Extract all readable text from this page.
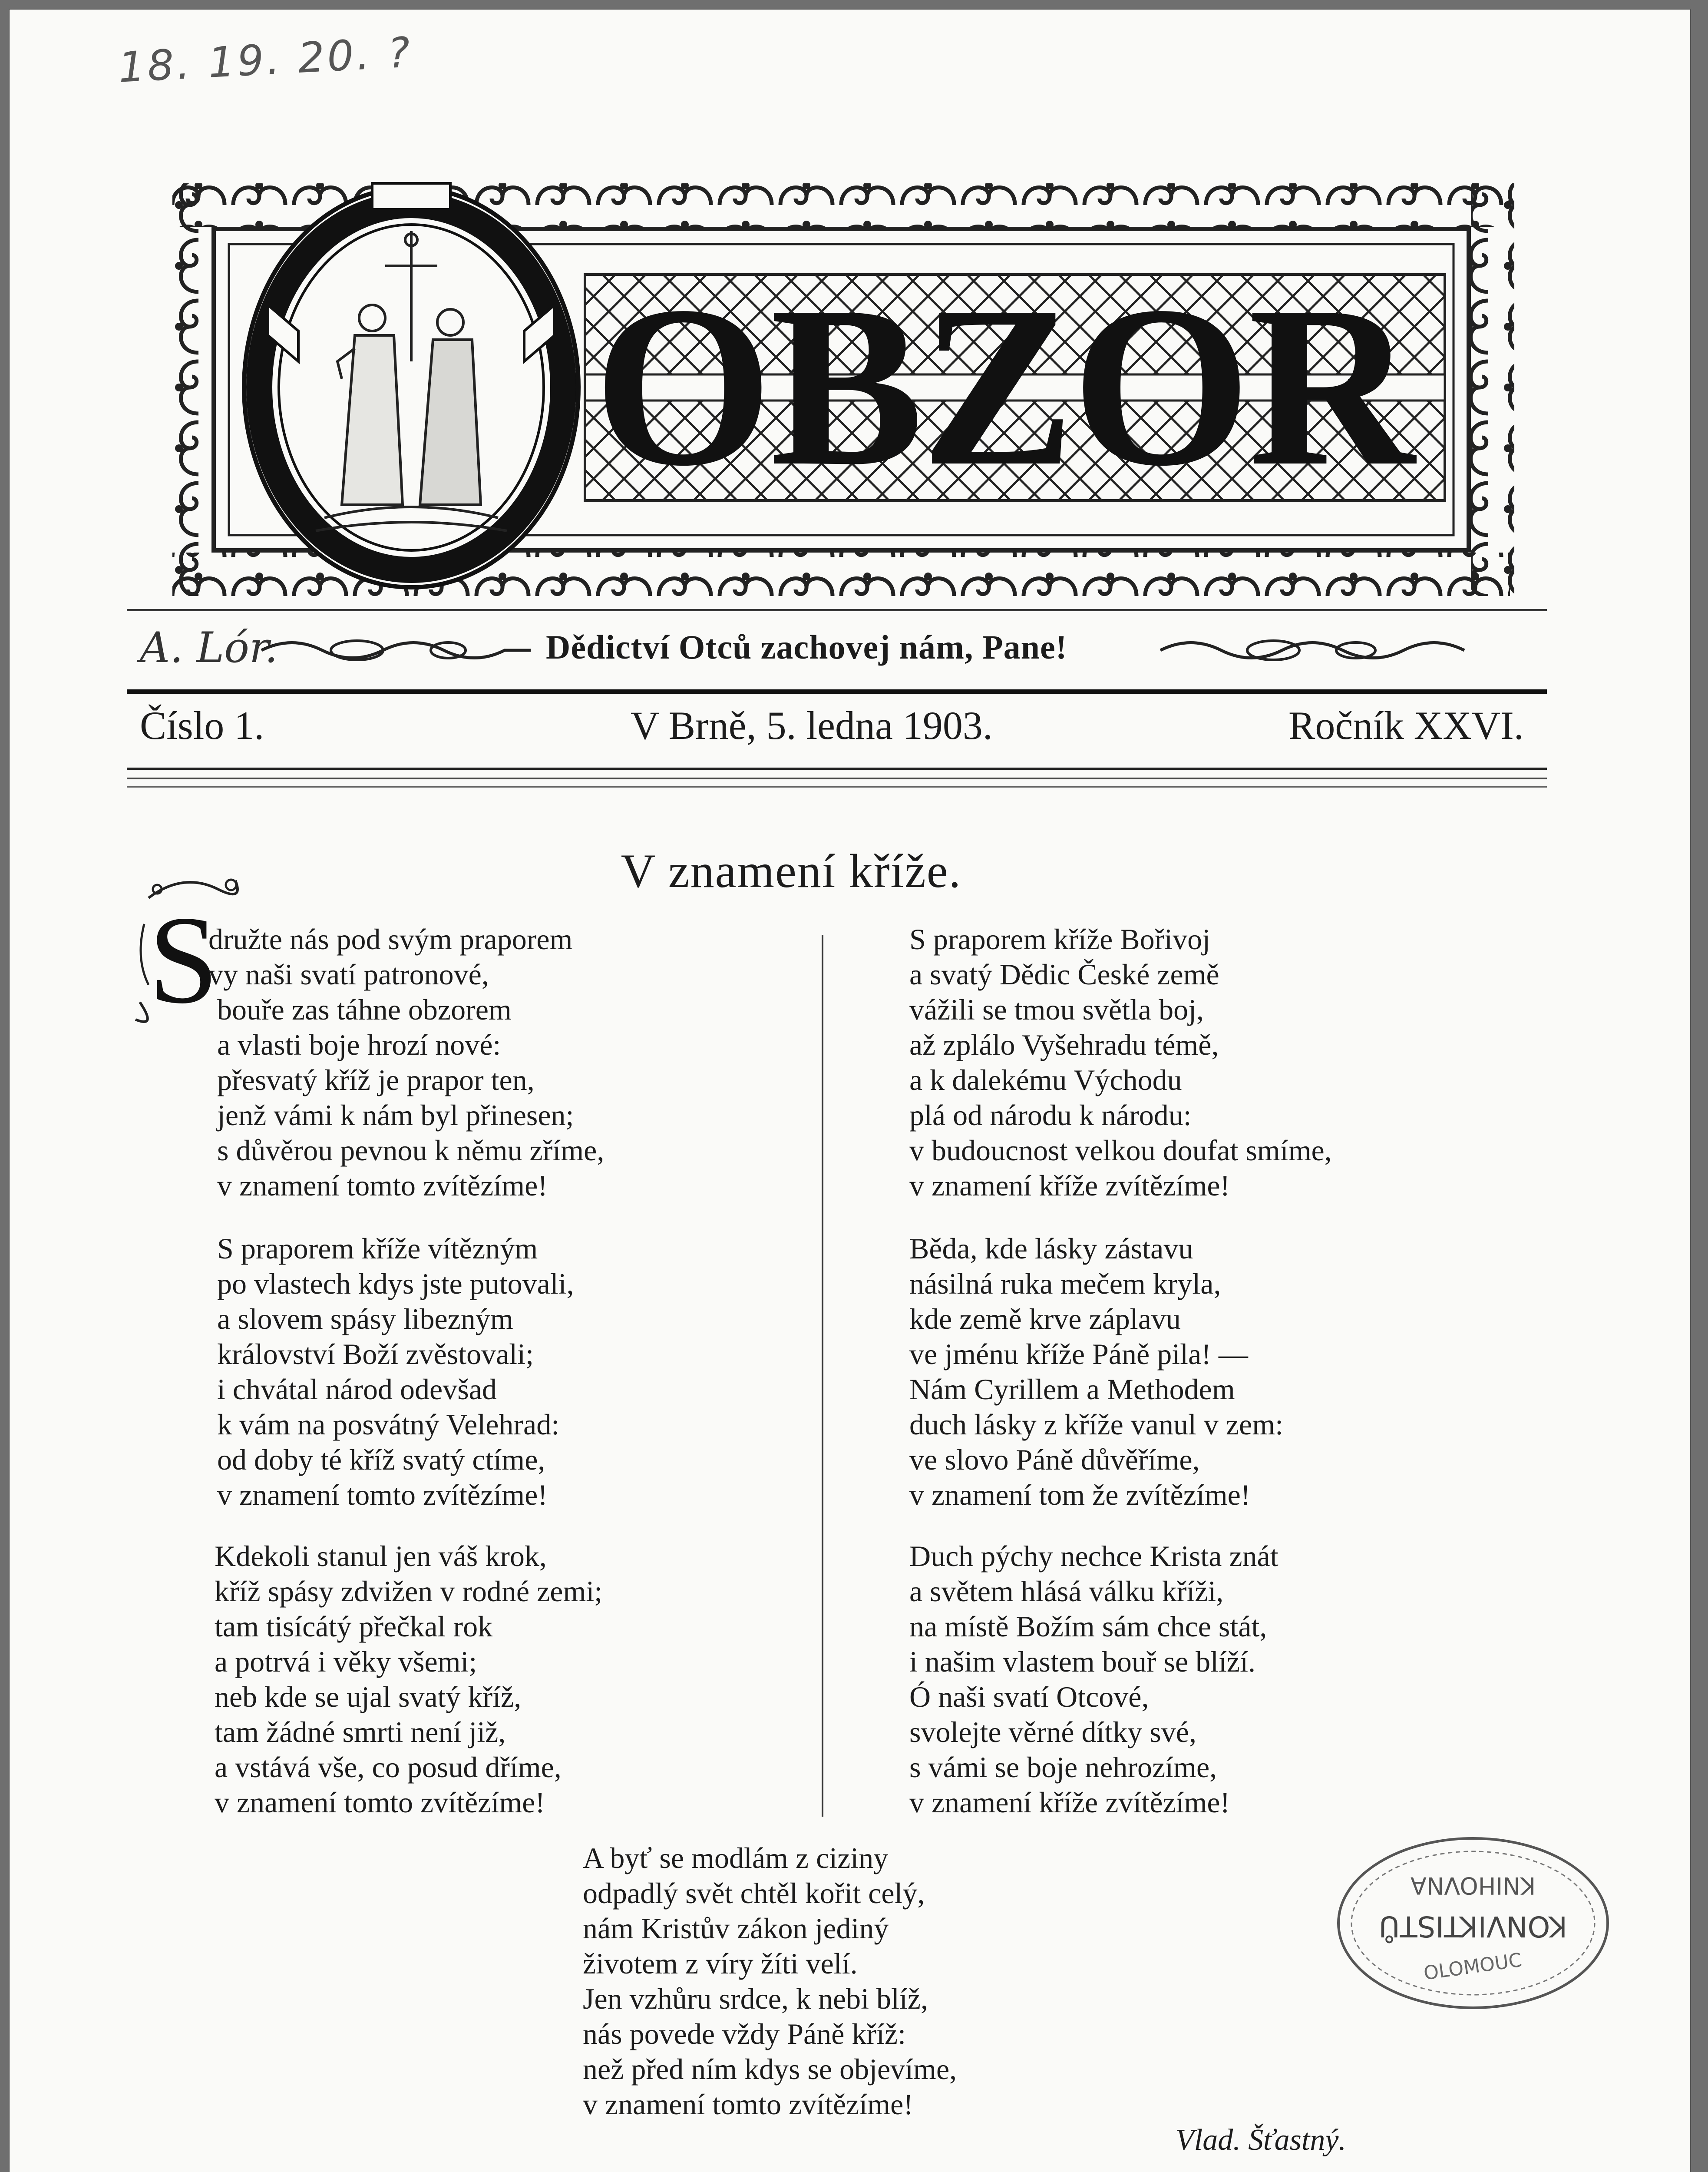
18. 19. 20. ?
OBZOR
A. Lór.	Dědictví Otců zachovej nám, Pane!
Číslo 1.	V Brně, 5. ledna 1903.	Ročník XXVI.
V znamení kříže.
S
družte nás pod svým praporem
vy naši svatí patronové,
bouře zas táhne obzorem
a vlasti boje hrozí nové:
přesvatý kříž je prapor ten,
jenž vámi k nám byl přinesen;
s důvěrou pevnou k němu zříme,
v znamení tomto zvítězíme!
S praporem kříže vítězným
po vlastech kdys jste putovali,
a slovem spásy libezným
království Boží zvěstovali;
i chvátal národ odevšad
k vám na posvátný Velehrad:
od doby té kříž svatý ctíme,
v znamení tomto zvítězíme!
Kdekoli stanul jen váš krok,
kříž spásy zdvižen v rodné zemi;
tam tisícátý přečkal rok
a potrvá i věky všemi;
neb kde se ujal svatý kříž,
tam žádné smrti není již,
a vstává vše, co posud dříme,
v znamení tomto zvítězíme!
S praporem kříže Bořivoj
a svatý Dědic České země
vážili se tmou světla boj,
až zplálo Vyšehradu témě,
a k dalekému Východu
plá od národu k národu:
v budoucnost velkou doufat smíme,
v znamení kříže zvítězíme!
Běda, kde lásky zástavu
násilná ruka mečem kryla,
kde země krve záplavu
ve jménu kříže Páně pila! —
Nám Cyrillem a Methodem
duch lásky z kříže vanul v zem:
ve slovo Páně důvěříme,
v znamení tom že zvítězíme!
Duch pýchy nechce Krista znát
a světem hlásá válku kříži,
na místě Božím sám chce stát,
i našim vlastem bouř se blíží.
Ó naši svatí Otcové,
svolejte věrné dítky své,
s vámi se boje nehrozíme,
v znamení kříže zvítězíme!
A byť se modlám z ciziny
odpadlý svět chtěl kořit celý,
nám Kristův zákon jediný
životem z víry žíti velí.
Jen vzhůru srdce, k nebi blíž,
nás povede vždy Páně kříž:
než před ním kdys se objevíme,
v znamení tomto zvítězíme!
Vlad. Šťastný.
KNIHOVNA
KONVIKTISTŮ
OLOMOUC
